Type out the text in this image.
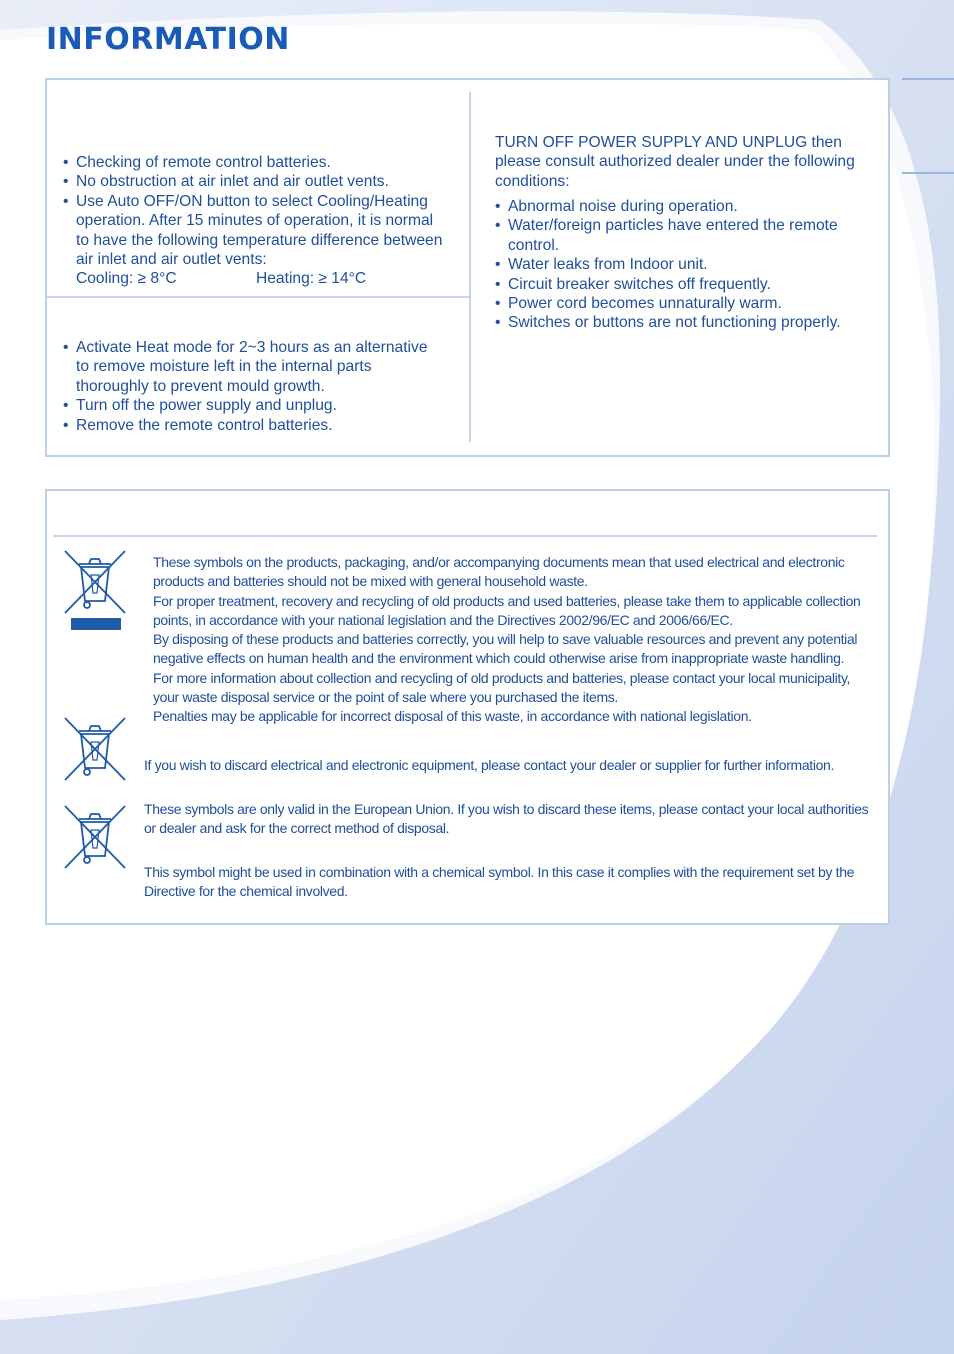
INFORMATION
• Checking of remote control batteries.
• No obstruction at air inlet and air outlet vents.
• Use Auto OFF/ON button to select Cooling/Heating operation. After 15 minutes of operation, it is normal to have the following temperature difference between air inlet and air outlet vents:
Cooling: ≥ 8°C	Heating: ≥ 14°C
• Activate Heat mode for 2~3 hours as an alternative to remove moisture left in the internal parts thoroughly to prevent mould growth.
• Turn off the power supply and unplug.
• Remove the remote control batteries.
TURN OFF POWER SUPPLY AND UNPLUG then please consult authorized dealer under the following conditions:
• Abnormal noise during operation.
• Water/foreign particles have entered the remote control.
• Water leaks from Indoor unit.
• Circuit breaker switches off frequently.
• Power cord becomes unnaturally warm.
• Switches or buttons are not functioning properly.

These symbols on the products, packaging, and/or accompanying documents mean that used electrical and electronic products and batteries should not be mixed with general household waste.

For proper treatment, recovery and recycling of old products and used batteries, please take them to applicable collection points, in accordance with your national legislation and the Directives 2002/96/EC and 2006/66/EC.

By disposing of these products and batteries correctly, you will help to save valuable resources and prevent any potential negative effects on human health and the environment which could otherwise arise from inappropriate waste handling.

For more information about collection and recycling of old products and batteries, please contact your local municipality, your waste disposal service or the point of sale where you purchased the items.

Penalties may be applicable for incorrect disposal of this waste, in accordance with national legislation.

If you wish to discard electrical and electronic equipment, please contact your dealer or supplier for further information.
These symbols are only valid in the European Union. If you wish to discard these items, please contact your local authorities or dealer and ask for the correct method of disposal.
This symbol might be used in combination with a chemical symbol. In this case it complies with the requirement set by the Directive for the chemical involved.
